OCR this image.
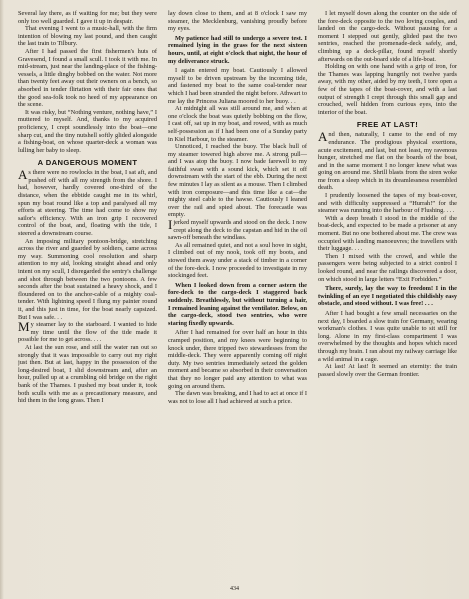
Several lay there, as if waiting for me; but they were only too well guarded. I gave it up in despair.

That evening I went to a music-hall, with the firm intention of blowing my last pound, and then caught the last train to Tilbury.

After I had passed the first fishermen's huts of Gravesend, I found a small scull. I took it with me. In mid-stream, just near the landing-place of the fishing-vessels, a little dinghy bobbed on the water. Not more than twenty feet away out their owners on a bench, so absorbed in tender flirtation with their fair ones that the good sea-folk took no heed of my appearance on the scene.

It was risky, but “Nothing venture, nothing have,” I muttered to myself. And, thanks to my acquired proficiency, I crept soundlessly into the boat—one sharp cut, and the tiny nutshell softly glided alongside a fishing-boat, on whose quarter-deck a woman was lulling her baby to sleep.

A DANGEROUS MOMENT

As there were no rowlocks in the boat, I sat aft, and pushed off with all my strength from the shore. I had, however, hardly covered one-third of the distance, when the ebbtide caught me in its whirl, spun my boat round like a top and paralysed all my efforts at steering. The time had come to show my sailor's efficiency. With an iron grip I recovered control of the boat, and, floating with the tide, I steered a downstream course.

An imposing military pontoon-bridge, stretching across the river and guarded by soldiers, came across my way. Summoning cool resolution and sharp attention to my aid, looking straight ahead and only intent on my scull, I disregarded the sentry's challenge and shot through between the two pontoons. A few seconds after the boat sustained a heavy shock, and I floundered on to the anchor-cable of a mighty coal-tender. With lightning speed I flung my painter round it, and this just in time, for the boat nearly capsized. But I was safe. . .

My steamer lay to the starboard. I wanted to hide my time until the flow of the tide made it possible for me to get across. . . .

At last the sun rose, and still the water ran out so strongly that it was impossible to carry out my right just then. But at last, happy in the possession of the long-desired boat, I slid downstream and, after an hour, pulled up at a crumbling old bridge on the right bank of the Thames. I pushed my boat under it, took both sculls with me as a precautionary measure, and hid them in the long grass. Then I

lay down close to them, and at 8 o'clock I saw my steamer, the Mecklenburg, vanishing proudly before my eyes.

My patience had still to undergo a severe test. I remained lying in the grass for the next sixteen hours, until, at eight o'clock that night, the hour of my deliverance struck.

I again entered my boat. Cautiously I allowed myself to be driven upstream by the incoming tide, and fastened my boat to the same coal-tender near which I had been stranded the night before. Athwart to me lay the Princess Juliana moored to her buoy. . .

At midnight all was still around me, and when at one o'clock the boat was quietly bobbing on the flow, I cast off, sat up in my boat, and rowed, with as much self-possession as if I had been one of a Sunday party in Kiel Harbour, to the steamer.

Unnoticed, I reached the buoy. The black hull of my steamer towered high above me. A strong pull—and I was atop the buoy. I now bade farewell to my faithful swan with a sound kick, which set it off downstream with the start of the ebb. During the next few minutes I lay as silent as a mouse. Then I climbed with iron composure—and this time like a cat—the mighty steel cable to the hawse. Cautiously I leaned over the rail and spied about. The forecastle was empty.

I jerked myself upwards and stood on the deck. I now crept along the deck to the capstan and hid in the oil sawn-off beneath the windlass.

As all remained quiet, and not a soul hove in sight, I climbed out of my nook, took off my boots, and stowed them away under a stack of timber in a corner of the fore-deck. I now proceeded to investigate in my stockinged feet.

When I looked down from a corner astern the fore-deck to the cargo-deck I staggered back suddenly. Breathlessly, but without turning a hair, I remained leaning against the ventilator. Below, on the cargo-deck, stood two sentries, who were staring fixedly upwards.

After I had remained for over half an hour in this cramped position, and my knees were beginning to knock under, there tripped two stewardesses from the middle-deck. They were apparently coming off night duty. My two sentries immediately seized the golden moment and became so absorbed in their conversation that they no longer paid any attention to what was going on around them.

The dawn was breaking, and I had to act at once if I was not to lose all I had achieved at such a price.

I let myself down along the counter on the side of the fore-deck opposite to the two loving couples, and landed on the cargo-deck. Without pausing for a moment I stepped out gently, glided past the two sentries, reached the promenade-deck safely, and, climbing up a deck-pillar, found myself shortly afterwards on the out-board side of a life-boat.

Holding on with one hand with a grip of iron, for the Thames was lapping hungrily not twelve yards away, with my other, aided by my teeth, I tore open a few of the tapes of the boat-cover, and with a last output of strength I crept through this small gap and crouched, well hidden from curious eyes, into the interior of the boat.

FREE AT LAST!

And then, naturally, I came to the end of my endurance. The prodigious physical exertions, acute excitement, and last, but not least, my ravenous hunger, stretched me flat on the boards of the boat, and in the same moment I no longer knew what was going on around me. Shrill blasts from the siren woke me from a sleep which in its dreamlessness resembled death.

I prudently loosened the tapes of my boat-cover, and with difficulty suppressed a “Hurrah!” for the steamer was running into the harbour of Flushing. . . .

With a deep breath I stood in the middle of the boat-deck, and expected to be made a prisoner at any moment. But no one bothered about me. The crew was occupied with landing manoeuvres; the travellers with their luggage. . . .

Then I mixed with the crowd, and while the passengers were being subjected to a strict control I looked round, and near the railings discovered a door, on which stood in large letters “Exit Forbidden.”

There, surely, lay the way to freedom! I in the twinkling of an eye I negotiated this childishly easy obstacle, and stood without. I was free! . . .

After I had bought a few small necessaries on the next day, I boarded a slow train for Germany, wearing workman's clothes. I was quite unable to sit still for long. Alone in my first-class compartment I was overwhelmed by the thoughts and hopes which raced through my brain. I ran about my railway carriage like a wild animal in a cage.

At last! At last! It seemed an eternity: the train passed slowly over the German frontier.

434
